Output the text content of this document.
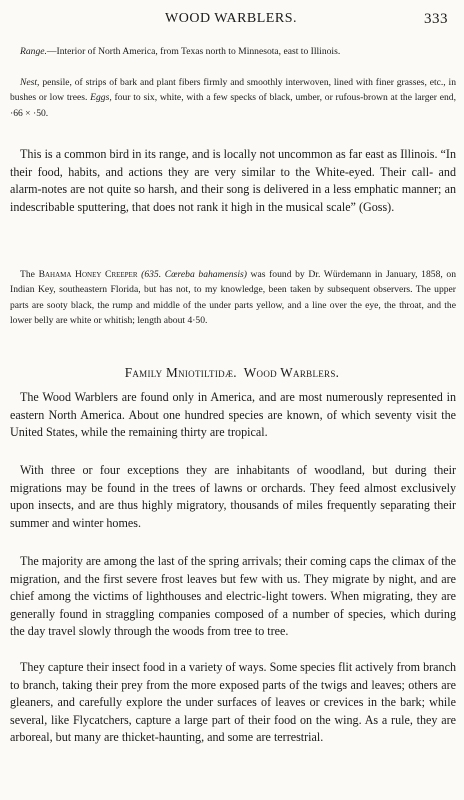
WOOD WARBLERS.	333

Range.—Interior of North America, from Texas north to Minnesota, east to Illinois.

Nest, pensile, of strips of bark and plant fibers firmly and smoothly interwoven, lined with finer grasses, etc., in bushes or low trees. Eggs, four to six, white, with a few specks of black, umber, or rufous-brown at the larger end, ·66 × ·50.

This is a common bird in its range, and is locally not uncommon as far east as Illinois. “In their food, habits, and actions they are very similar to the White-eyed. Their call- and alarm-notes are not quite so harsh, and their song is delivered in a less emphatic manner; an indescribable sputtering, that does not rank it high in the musical scale” (Goss).

The Bahama Honey Creeper (635. Cœreba bahamensis) was found by Dr. Würdemann in January, 1858, on Indian Key, southeastern Florida, but has not, to my knowledge, been taken by subsequent observers. The upper parts are sooty black, the rump and middle of the under parts yellow, and a line over the eye, the throat, and the lower belly are white or whitish; length about 4·50.

Family Mniotiltidæ.  Wood Warblers.

The Wood Warblers are found only in America, and are most numerously represented in eastern North America. About one hundred species are known, of which seventy visit the United States, while the remaining thirty are tropical.

With three or four exceptions they are inhabitants of woodland, but during their migrations may be found in the trees of lawns or orchards. They feed almost exclusively upon insects, and are thus highly migratory, thousands of miles frequently separating their summer and winter homes.

The majority are among the last of the spring arrivals; their coming caps the climax of the migration, and the first severe frost leaves but few with us. They migrate by night, and are chief among the victims of lighthouses and electric-light towers. When migrating, they are generally found in straggling companies composed of a number of species, which during the day travel slowly through the woods from tree to tree.

They capture their insect food in a variety of ways. Some species flit actively from branch to branch, taking their prey from the more exposed parts of the twigs and leaves; others are gleaners, and carefully explore the under surfaces of leaves or crevices in the bark; while several, like Flycatchers, capture a large part of their food on the wing. As a rule, they are arboreal, but many are thicket-haunting, and some are terrestrial.
